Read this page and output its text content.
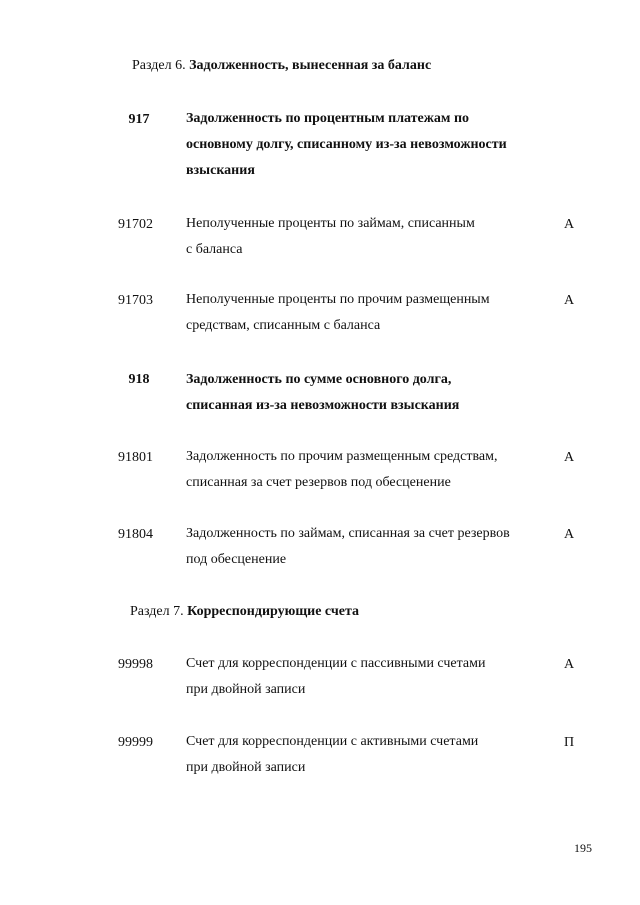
Раздел 6. Задолженность, вынесенная за баланс
917	Задолженность по процентным платежам по
основному долгу, списанному из-за невозможности
взыскания
91702	Неполученные проценты по займам, списанным
с баланса
А
91703	Неполученные проценты по прочим размещенным
средствам, списанным с баланса
А
918	Задолженность по сумме основного долга,
списанная из-за невозможности взыскания
91801	Задолженность по прочим размещенным средствам,
списанная за счет резервов под обесценение
А
91804	Задолженность по займам, списанная за счет резервов
под обесценение
А
Раздел 7. Корреспондирующие счета
99998	Счет для корреспонденции с пассивными счетами
при двойной записи
А
99999	Счет для корреспонденции с активными счетами
при двойной записи
П
195
